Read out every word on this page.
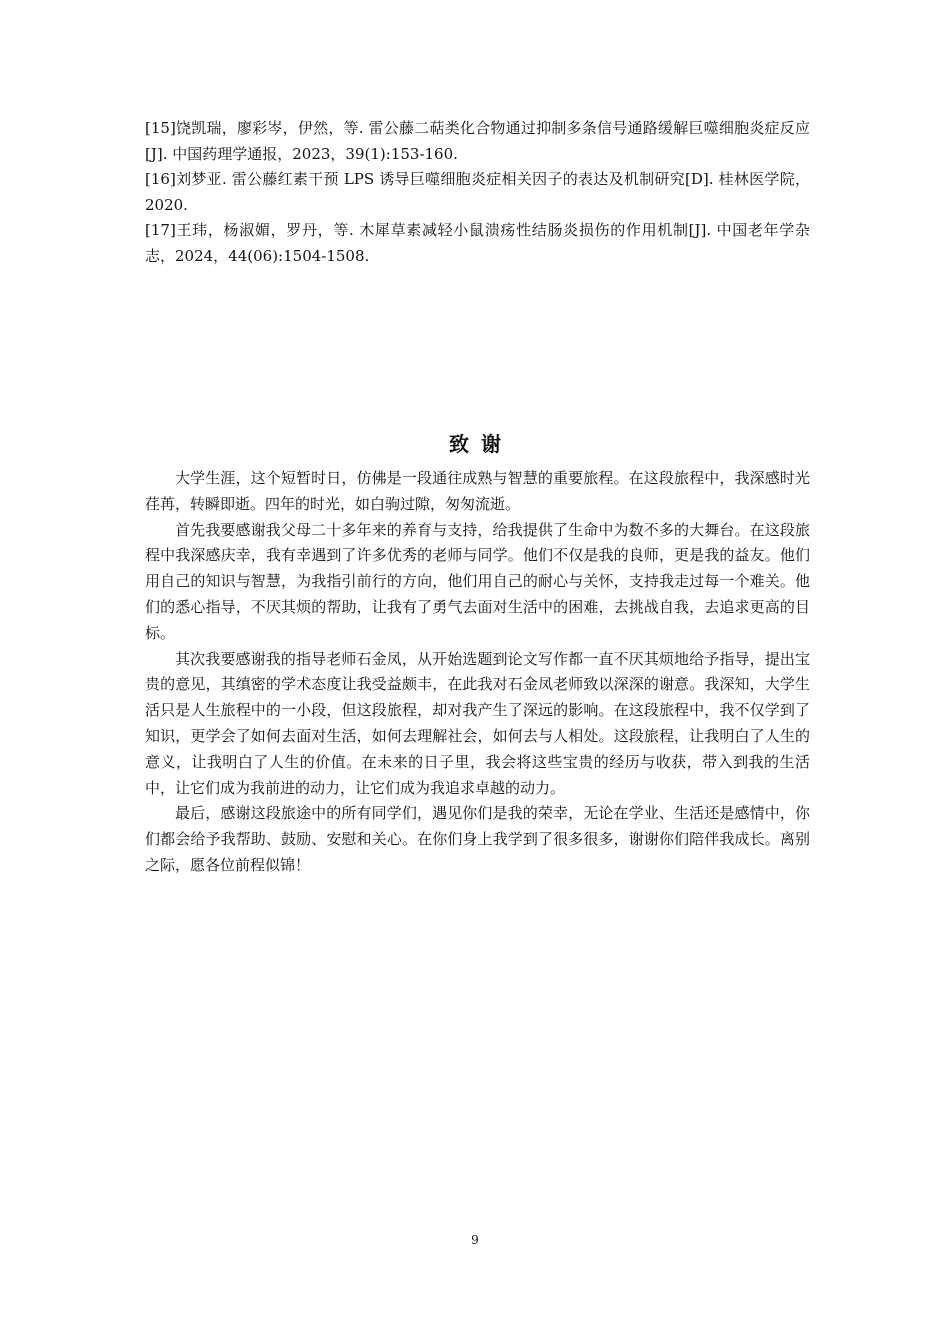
[15]饶凯瑞，廖彩岑，伊然，等. 雷公藤二萜类化合物通过抑制多条信号通路缓解巨噬细胞炎症反应[J]. 中国药理学通报，2023，39(1):153-160.

[16]刘梦亚. 雷公藤红素干预 LPS 诱导巨噬细胞炎症相关因子的表达及机制研究[D]. 桂林医学院，2020.

[17]王玮，杨淑媚，罗丹，等. 木犀草素减轻小鼠溃疡性结肠炎损伤的作用机制[J]. 中国老年学杂志，2024，44(06):1504-1508.

致谢

大学生涯，这个短暂时日，仿佛是一段通往成熟与智慧的重要旅程。在这段旅程中，我深感时光荏苒，转瞬即逝。四年的时光，如白驹过隙，匆匆流逝。

首先我要感谢我父母二十多年来的养育与支持，给我提供了生命中为数不多的大舞台。在这段旅程中我深感庆幸，我有幸遇到了许多优秀的老师与同学。他们不仅是我的良师，更是我的益友。他们用自己的知识与智慧，为我指引前行的方向，他们用自己的耐心与关怀，支持我走过每一个难关。他们的悉心指导，不厌其烦的帮助，让我有了勇气去面对生活中的困难，去挑战自我，去追求更高的目标。

其次我要感谢我的指导老师石金凤，从开始选题到论文写作都一直不厌其烦地给予指导，提出宝贵的意见，其缜密的学术态度让我受益颇丰，在此我对石金凤老师致以深深的谢意。我深知，大学生活只是人生旅程中的一小段，但这段旅程，却对我产生了深远的影响。在这段旅程中，我不仅学到了知识，更学会了如何去面对生活，如何去理解社会，如何去与人相处。这段旅程，让我明白了人生的意义，让我明白了人生的价值。在未来的日子里，我会将这些宝贵的经历与收获，带入到我的生活中，让它们成为我前进的动力，让它们成为我追求卓越的动力。

最后，感谢这段旅途中的所有同学们，遇见你们是我的荣幸，无论在学业、生活还是感情中，你们都会给予我帮助、鼓励、安慰和关心。在你们身上我学到了很多很多，谢谢你们陪伴我成长。离别之际，愿各位前程似锦！

9
